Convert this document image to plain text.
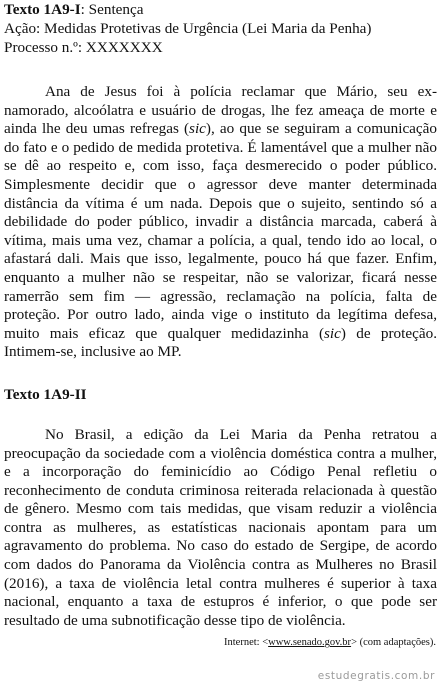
Texto 1A9-I: Sentença
Ação: Medidas Protetivas de Urgência (Lei Maria da Penha)
Processo n.º: XXXXXXX

Ana de Jesus foi à polícia reclamar que Mário, seu ex-namorado, alcoólatra e usuário de drogas, lhe fez ameaça de morte e ainda lhe deu umas refregas (sic), ao que se seguiram a comunicação do fato e o pedido de medida protetiva. É lamentável que a mulher não se dê ao respeito e, com isso, faça desmerecido o poder público. Simplesmente decidir que o agressor deve manter determinada distância da vítima é um nada. Depois que o sujeito, sentindo só a debilidade do poder público, invadir a distância marcada, caberá à vítima, mais uma vez, chamar a polícia, a qual, tendo ido ao local, o afastará dali. Mais que isso, legalmente, pouco há que fazer. Enfim, enquanto a mulher não se respeitar, não se valorizar, ficará nesse ramerrão sem fim — agressão, reclamação na polícia, falta de proteção. Por outro lado, ainda vige o instituto da legítima defesa, muito mais eficaz que qualquer medidazinha (sic) de proteção. Intimem-se, inclusive ao MP.

Texto 1A9-II

No Brasil, a edição da Lei Maria da Penha retratou a preocupação da sociedade com a violência doméstica contra a mulher, e a incorporação do feminicídio ao Código Penal refletiu o reconhecimento de conduta criminosa reiterada relacionada à questão de gênero. Mesmo com tais medidas, que visam reduzir a violência contra as mulheres, as estatísticas nacionais apontam para um agravamento do problema. No caso do estado de Sergipe, de acordo com dados do Panorama da Violência contra as Mulheres no Brasil (2016), a taxa de violência letal contra mulheres é superior à taxa nacional, enquanto a taxa de estupros é inferior, o que pode ser resultado de uma subnotificação desse tipo de violência.

Internet: <www.senado.gov.br> (com adaptações).
estudegratis.com.br
